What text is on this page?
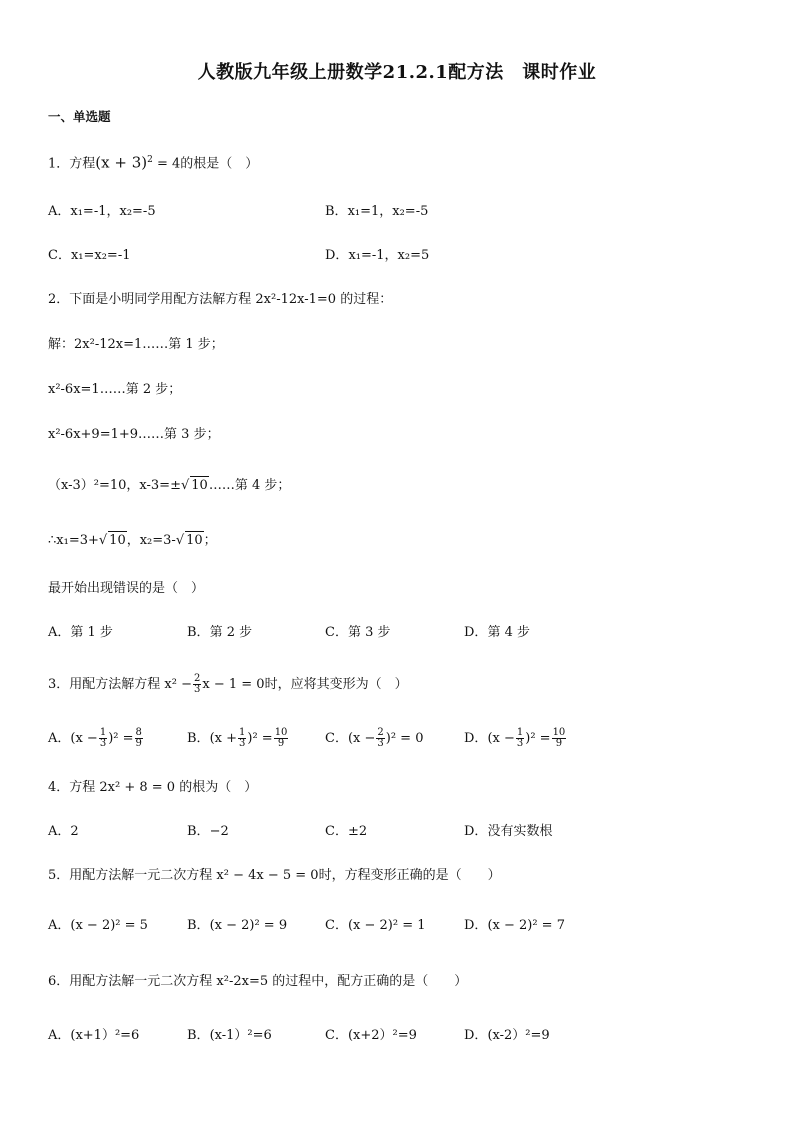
人教版九年级上册数学21.2.1配方法　课时作业
一、单选题
1．方程$(x + 3)^2 = 4$的根是（　）
A．x₁=-1，x₂=-5	B．x₁=1，x₂=-5
C．x₁=x₂=-1	D．x₁=-1，x₂=5
2．下面是小明同学用配方法解方程 2x²-12x-1=0 的过程：
解：2x²-12x=1……第 1 步；
x²-6x=1……第 2 步；
x²-6x+9=1+9……第 3 步；
（x-3）²=10，x-3=±√ 10……第 4 步；
∴x₁=3+√ 10，x₂=3-√ 10；
最开始出现错误的是（　）
A．第 1 步	B．第 2 步	C．第 3 步	D．第 4 步
3．用配方法解方程 $x^2 - \frac{2}{3}$ x − 1 = 0时，应将其变形为（　）
A．$(x - \frac{1}{3} )^2 = \frac{8}{9}$	B．$(x + \frac{1}{3} )^2 = \frac{10}{9}$	C．$(x - \frac{2}{3} )^2 = 0$	D．$(x - \frac{1}{3} )^2 = \frac{10}{9}$
4．方程 2x² + 8 = 0 的根为（　）
A．2	B．−2	C．±2	D．没有实数根
5．用配方法解一元二次方程 x² − 4x − 5 = 0时，方程变形正确的是（　　）
A．(x − 2)² = 5	B．(x − 2)² = 9	C．(x − 2)² = 1	D．(x − 2)² = 7
6．用配方法解一元二次方程 x²-2x=5 的过程中，配方正确的是（　　）
A．(x+1）²=6	B．(x-1）²=6	C．(x+2）²=9	D．(x-2）²=9
